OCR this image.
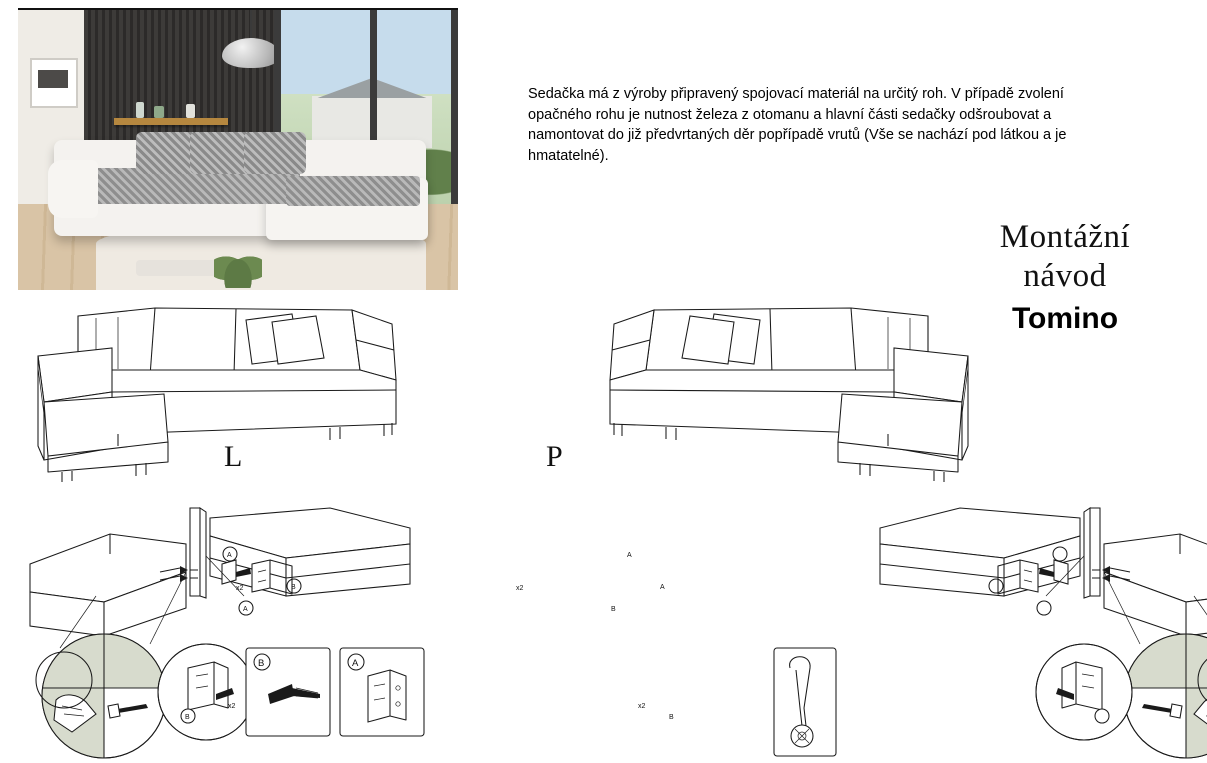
Sedačka má z výroby připravený spojovací materiál na určitý roh. V případě zvolení opačného rohu je nutnost železa z otomanu a hlavní části sedačky odšroubovat a namontovat do již předvrtaných děr popřípadě vrutů (Vše se nachází pod látkou a je hmatatelné).
Montážní
návod
Tomino
L	P
A
B
x2
A
B
x2
A
B
A
x2
B
x2
B	A
